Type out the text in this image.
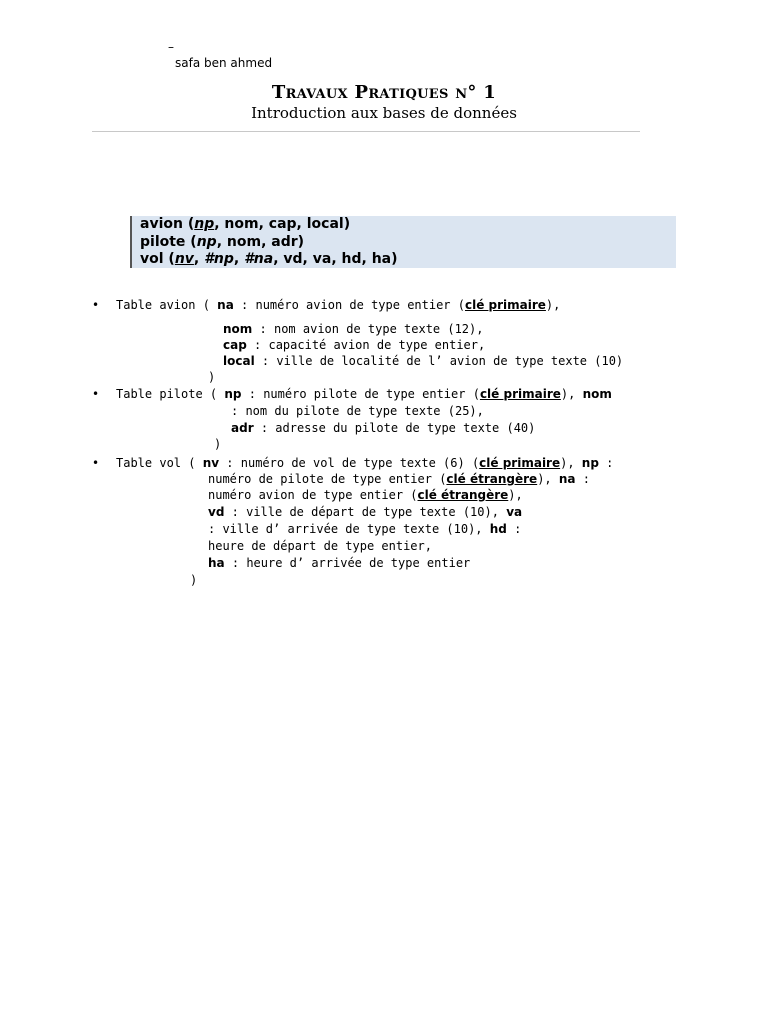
–
safa ben ahmed
Travaux Pratiques n° 1
Introduction aux bases de données
avion (np, nom, cap, local)
pilote (np, nom, adr)
vol (nv, #np, #na, vd, va, hd, ha)
• Table avion ( na : numéro avion de type entier (clé primaire),
nom : nom avion de type texte (12),
cap : capacité avion de type entier,
local : ville de localité de l’ avion de type texte (10)
)
• Table pilote ( np : numéro pilote de type entier (clé primaire), nom
: nom du pilote de type texte (25),
adr : adresse du pilote de type texte (40)
)
• Table vol ( nv : numéro de vol de type texte (6) (clé primaire), np :
numéro de pilote de type entier (clé étrangère), na :
numéro avion de type entier (clé étrangère),
vd : ville de départ de type texte (10), va
: ville d’ arrivée de type texte (10), hd :
heure de départ de type entier,
ha : heure d’ arrivée de type entier
)
